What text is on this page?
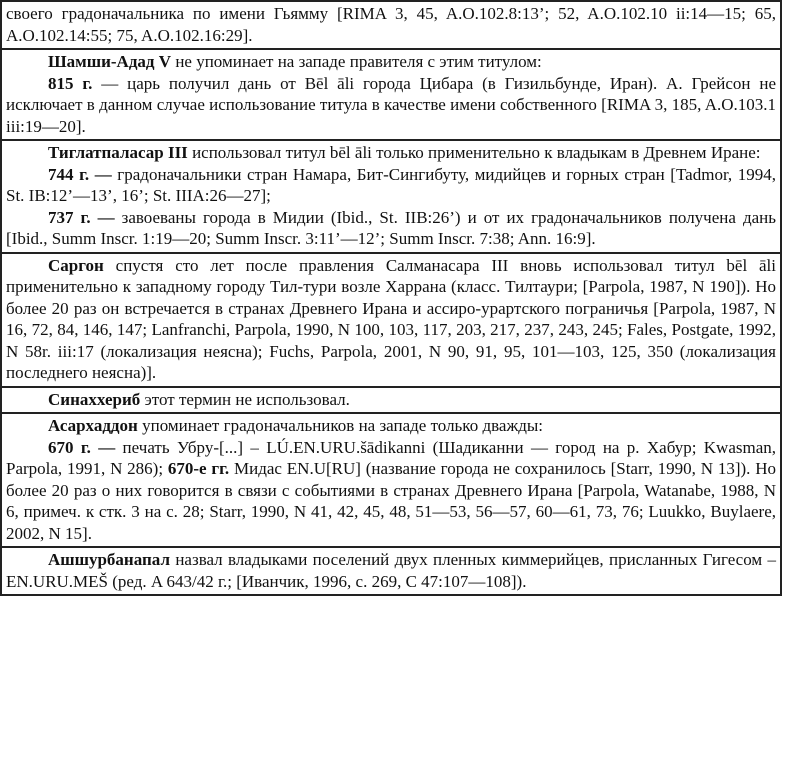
своего градоначальника по имени Гьямму [RIMA 3, 45, A.O.102.8:13’; 52, A.O.102.10 ii:14—15; 65, A.O.102.14:55; 75, A.O.102.16:29].

Шамши-Адад V не упоминает на западе правителя с этим титулом:

815 г. — царь получил дань от Bēl āli города Цибара (в Гизильбунде, Иран). А. Грейсон не исключает в данном случае использование титула в качестве имени собственного [RIMA 3, 185, A.O.103.1 iii:19—20].

Тиглатпаласар III использовал титул bēl āli только применительно к владыкам в Древнем Иране:

744 г. — градоначальники стран Намара, Бит-Сингибуту, мидийцев и горных стран [Tadmor, 1994, St. IB:12’—13’, 16’; St. IIIA:26—27];

737 г. — завоеваны города в Мидии (Ibid., St. IIB:26’) и от их градоначальников получена дань [Ibid., Summ Inscr. 1:19—20; Summ Inscr. 3:11’—12’; Summ Inscr. 7:38; Ann. 16:9].

Саргон спустя сто лет после правления Салманасара III вновь использовал титул bēl āli применительно к западному городу Тил-тури возле Харрана (класс. Тилтаури; [Parpola, 1987, N 190]). Но более 20 раз он встречается в странах Древнего Ирана и ассиро-урартского пограничья [Parpola, 1987, N 16, 72, 84, 146, 147; Lanfranchi, Parpola, 1990, N 100, 103, 117, 203, 217, 237, 243, 245; Fales, Postgate, 1992, N 58r. iii:17 (локализация неясна); Fuchs, Parpola, 2001, N 90, 91, 95, 101—103, 125, 350 (локализация последнего неясна)].

Синаххериб этот термин не использовал.

Асархаддон упоминает градоначальников на западе только дважды:

670 г. — печать Убру-[...] – LÚ.EN.URU.šādikanni (Шадиканни — город на р. Хабур; Kwasman, Parpola, 1991, N 286); 670-е гг. Мидас EN.U[RU] (название города не сохранилось [Starr, 1990, N 13]). Но более 20 раз о них говорится в связи с событиями в странах Древнего Ирана [Parpola, Watanabe, 1988, N 6, примеч. к стк. 3 на с. 28; Starr, 1990, N 41, 42, 45, 48, 51—53, 56—57, 60—61, 73, 76; Luukko, Buylaere, 2002, N 15].

Ашшурбанапал назвал владыками поселений двух пленных киммерийцев, присланных Гигесом – EN.URU.MEŠ (ред. A 643/42 г.; [Иванчик, 1996, с. 269, C 47:107—108]).
